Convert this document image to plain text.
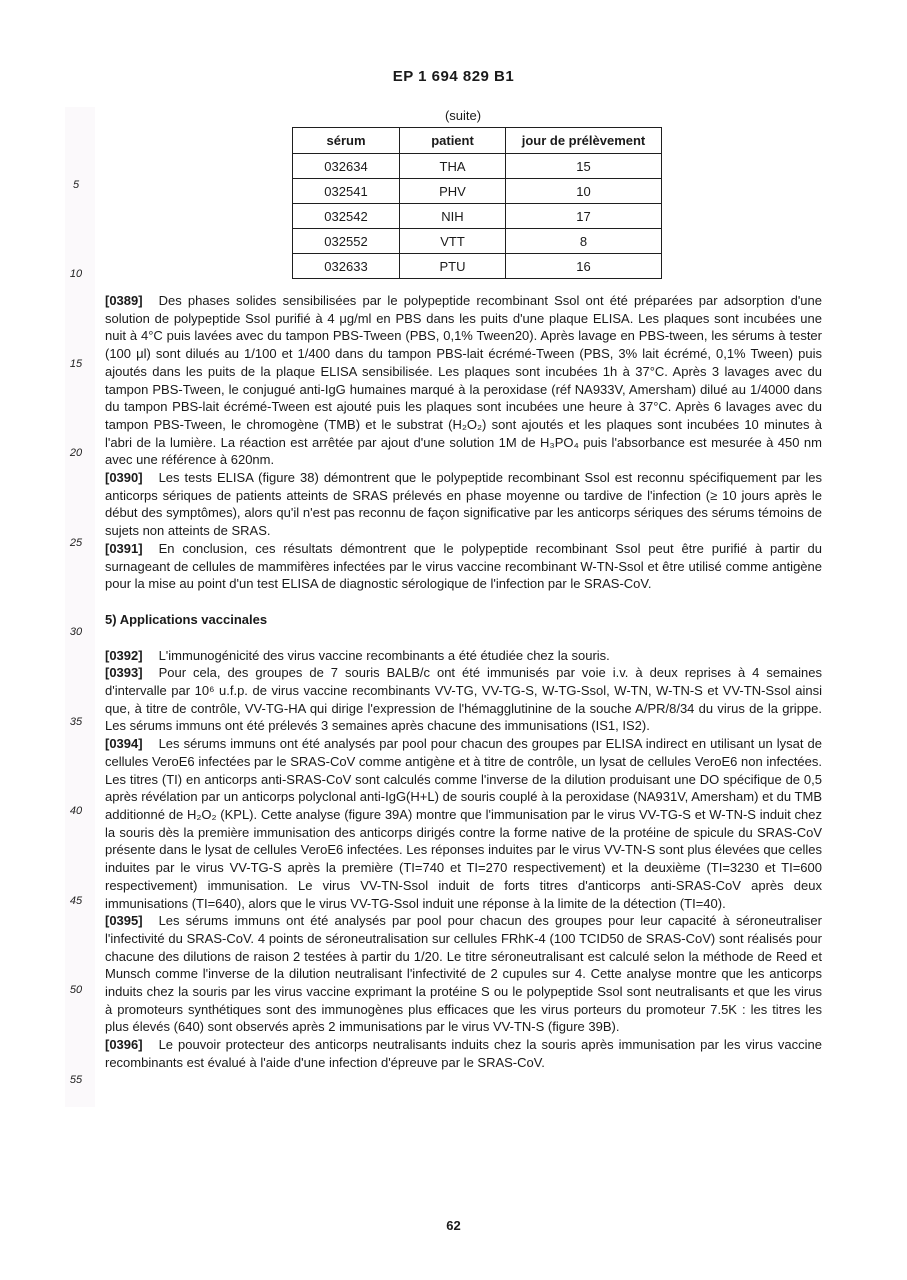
EP 1 694 829 B1
(suite)
sérum	patient	jour de prélèvement
032634	THA	15
032541	PHV	10
032542	NIH	17
032552	VTT	8
032633	PTU	16
5
10
15
20
25
30
35
40
45
50
55

[0389] Des phases solides sensibilisées par le polypeptide recombinant Ssol ont été préparées par adsorption d'une solution de polypeptide Ssol purifié à 4 μg/ml en PBS dans les puits d'une plaque ELISA. Les plaques sont incubées une nuit à 4°C puis lavées avec du tampon PBS-Tween (PBS, 0,1% Tween20). Après lavage en PBS-tween, les sérums à tester (100 μl) sont dilués au 1/100 et 1/400 dans du tampon PBS-lait écrémé-Tween (PBS, 3% lait écrémé, 0,1% Tween) puis ajoutés dans les puits de la plaque ELISA sensibilisée. Les plaques sont incubées 1h à 37°C. Après 3 lavages avec du tampon PBS-Tween, le conjugué anti-IgG humaines marqué à la peroxidase (réf NA933V, Amersham) dilué au 1/4000 dans du tampon PBS-lait écrémé-Tween est ajouté puis les plaques sont incubées une heure à 37°C. Après 6 lavages avec du tampon PBS-Tween, le chromogène (TMB) et le substrat (H₂O₂) sont ajoutés et les plaques sont incubées 10 minutes à l'abri de la lumière. La réaction est arrêtée par ajout d'une solution 1M de H₃PO₄ puis l'absorbance est mesurée à 450 nm avec une référence à 620nm.

[0390] Les tests ELISA (figure 38) démontrent que le polypeptide recombinant Ssol est reconnu spécifiquement par les anticorps sériques de patients atteints de SRAS prélevés en phase moyenne ou tardive de l'infection (≥ 10 jours après le début des symptômes), alors qu'il n'est pas reconnu de façon significative par les anticorps sériques des sérums témoins de sujets non atteints de SRAS.

[0391] En conclusion, ces résultats démontrent que le polypeptide recombinant Ssol peut être purifié à partir du surnageant de cellules de mammifères infectées par le virus vaccine recombinant W-TN-Ssol et être utilisé comme antigène pour la mise au point d'un test ELISA de diagnostic sérologique de l'infection par le SRAS-CoV.

5) Applications vaccinales

[0392] L'immunogénicité des virus vaccine recombinants a été étudiée chez la souris.

[0393] Pour cela, des groupes de 7 souris BALB/c ont été immunisés par voie i.v. à deux reprises à 4 semaines d'intervalle par 10⁶ u.f.p. de virus vaccine recombinants VV-TG, VV-TG-S, W-TG-Ssol, W-TN, W-TN-S et VV-TN-Ssol ainsi que, à titre de contrôle, VV-TG-HA qui dirige l'expression de l'hémagglutinine de la souche A/PR/8/34 du virus de la grippe. Les sérums immuns ont été prélevés 3 semaines après chacune des immunisations (IS1, IS2).

[0394] Les sérums immuns ont été analysés par pool pour chacun des groupes par ELISA indirect en utilisant un lysat de cellules VeroE6 infectées par le SRAS-CoV comme antigène et à titre de contrôle, un lysat de cellules VeroE6 non infectées. Les titres (TI) en anticorps anti-SRAS-CoV sont calculés comme l'inverse de la dilution produisant une DO spécifique de 0,5 après révélation par un anticorps polyclonal anti-IgG(H+L) de souris couplé à la peroxidase (NA931V, Amersham) et du TMB additionné de H₂O₂ (KPL). Cette analyse (figure 39A) montre que l'immunisation par le virus VV-TG-S et W-TN-S induit chez la souris dès la première immunisation des anticorps dirigés contre la forme native de la protéine de spicule du SRAS-CoV présente dans le lysat de cellules VeroE6 infectées. Les réponses induites par le virus VV-TN-S sont plus élevées que celles induites par le virus VV-TG-S après la première (TI=740 et TI=270 respectivement) et la deuxième (TI=3230 et TI=600 respectivement) immunisation. Le virus VV-TN-Ssol induit de forts titres d'anticorps anti-SRAS-CoV après deux immunisations (TI=640), alors que le virus VV-TG-Ssol induit une réponse à la limite de la détection (TI=40).

[0395] Les sérums immuns ont été analysés par pool pour chacun des groupes pour leur capacité à séroneutraliser l'infectivité du SRAS-CoV. 4 points de séroneutralisation sur cellules FRhK-4 (100 TCID50 de SRAS-CoV) sont réalisés pour chacune des dilutions de raison 2 testées à partir du 1/20. Le titre séroneutralisant est calculé selon la méthode de Reed et Munsch comme l'inverse de la dilution neutralisant l'infectivité de 2 cupules sur 4. Cette analyse montre que les anticorps induits chez la souris par les virus vaccine exprimant la protéine S ou le polypeptide Ssol sont neutralisants et que les virus à promoteurs synthétiques sont des immunogènes plus efficaces que les virus porteurs du promoteur 7.5K : les titres les plus élevés (640) sont observés après 2 immunisations par le virus VV-TN-S (figure 39B).

[0396] Le pouvoir protecteur des anticorps neutralisants induits chez la souris après immunisation par les virus vaccine recombinants est évalué à l'aide d'une infection d'épreuve par le SRAS-CoV.

62
